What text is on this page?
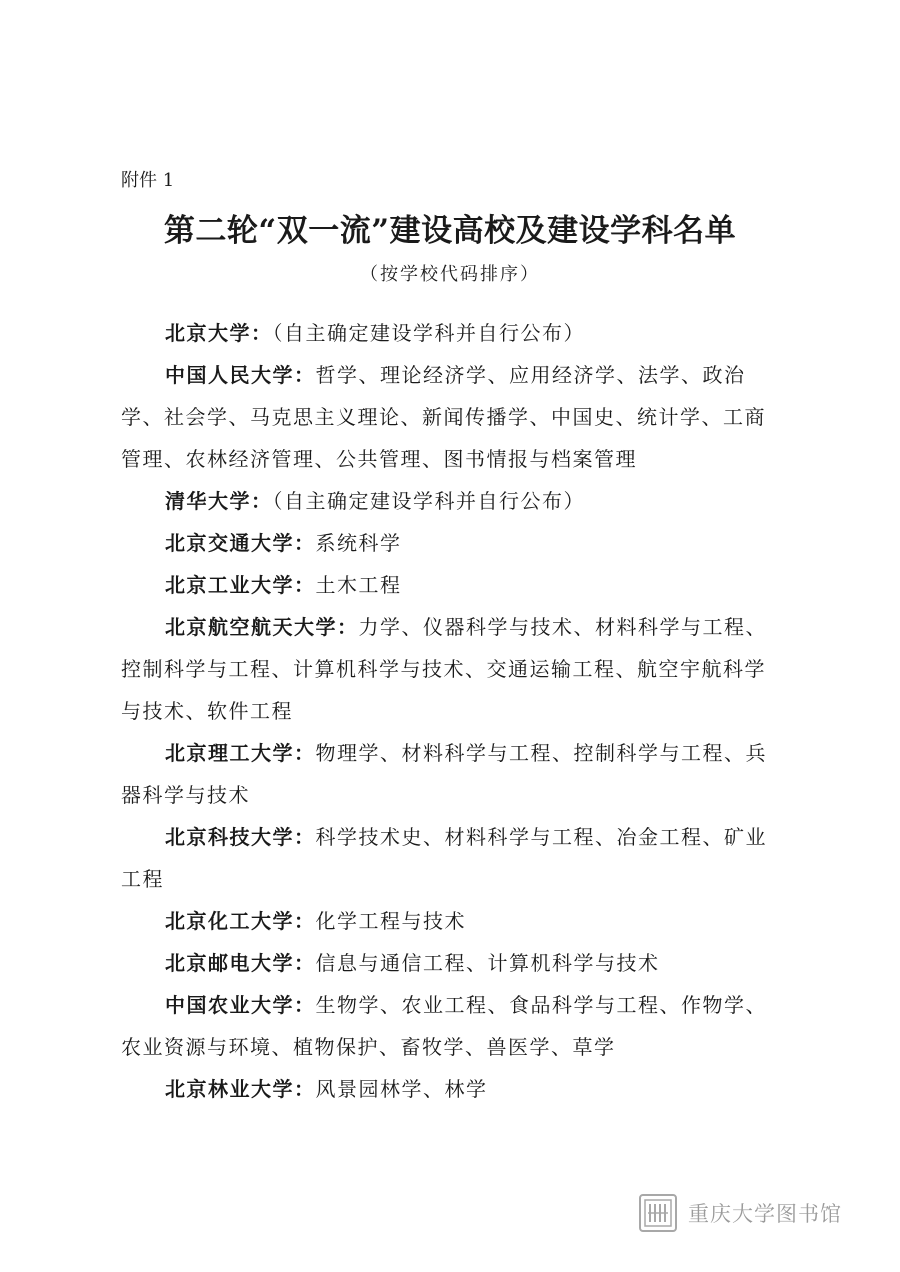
附件 1
第二轮“双一流”建设高校及建设学科名单
（按学校代码排序）

北京大学：（自主确定建设学科并自行公布）

中国人民大学：哲学、理论经济学、应用经济学、法学、政治学、社会学、马克思主义理论、新闻传播学、中国史、统计学、工商管理、农林经济管理、公共管理、图书情报与档案管理

清华大学：（自主确定建设学科并自行公布）

北京交通大学：系统科学

北京工业大学：土木工程

北京航空航天大学：力学、仪器科学与技术、材料科学与工程、控制科学与工程、计算机科学与技术、交通运输工程、航空宇航科学与技术、软件工程

北京理工大学：物理学、材料科学与工程、控制科学与工程、兵器科学与技术

北京科技大学：科学技术史、材料科学与工程、冶金工程、矿业工程

北京化工大学：化学工程与技术

北京邮电大学：信息与通信工程、计算机科学与技术

中国农业大学：生物学、农业工程、食品科学与工程、作物学、农业资源与环境、植物保护、畜牧学、兽医学、草学

北京林业大学：风景园林学、林学

重庆大学图书馆
